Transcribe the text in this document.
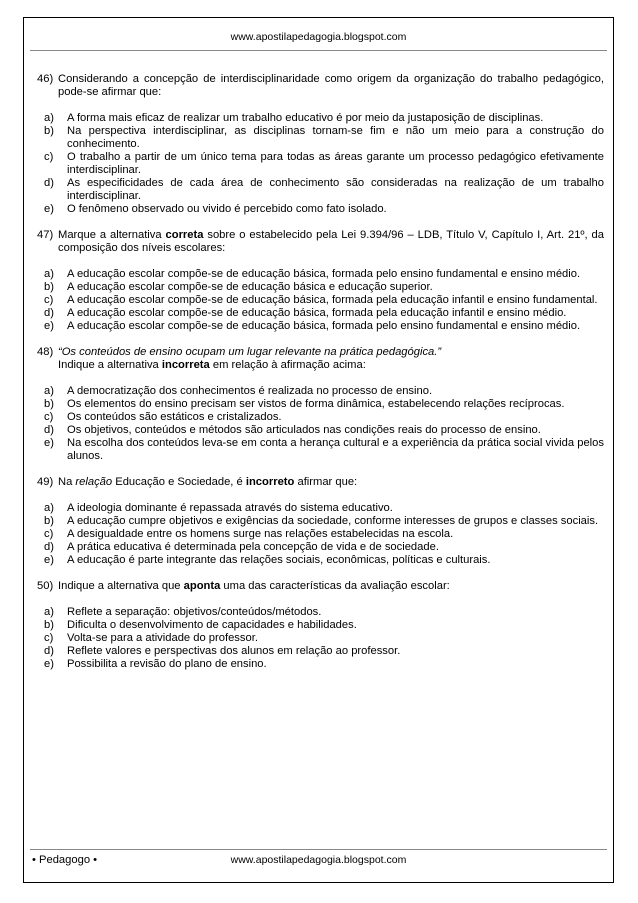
www.apostilapedagogia.blogspot.com
46) Considerando a concepção de interdisciplinaridade como origem da organização do trabalho pedagógico, pode-se afirmar que:
a)	A forma mais eficaz de realizar um trabalho educativo é por meio da justaposição de disciplinas.
b)	Na perspectiva interdisciplinar, as disciplinas tornam-se fim e não um meio para a construção do conhecimento.
c)	O trabalho a partir de um único tema para todas as áreas garante um processo pedagógico efetivamente interdisciplinar.
d)	As especificidades de cada área de conhecimento são consideradas na realização de um trabalho interdisciplinar.
e)	O fenômeno observado ou vivido é percebido como fato isolado.
47) Marque a alternativa correta sobre o estabelecido pela Lei 9.394/96 – LDB, Título V, Capítulo I, Art. 21º, da composição dos níveis escolares:
a)	A educação escolar compõe-se de educação básica, formada pelo ensino fundamental e ensino médio.
b)	A educação escolar compõe-se de educação básica e educação superior.
c)	A educação escolar compõe-se de educação básica, formada pela educação infantil e ensino fundamental.
d)	A educação escolar compõe-se de educação básica, formada pela educação infantil e ensino médio.
e)	A educação escolar compõe-se de educação básica, formada pelo ensino fundamental e ensino médio.
48) “Os conteúdos de ensino ocupam um lugar relevante na prática pedagógica.”
Indique a alternativa incorreta em relação à afirmação acima:
a)	A democratização dos conhecimentos é realizada no processo de ensino.
b)	Os elementos do ensino precisam ser vistos de forma dinâmica, estabelecendo relações recíprocas.
c)	Os conteúdos são estáticos e cristalizados.
d)	Os objetivos, conteúdos e métodos são articulados nas condições reais do processo de ensino.
e)	Na escolha dos conteúdos leva-se em conta a herança cultural e a experiência da prática social vivida pelos alunos.
49) Na relação Educação e Sociedade, é incorreto afirmar que:
a)	A ideologia dominante é repassada através do sistema educativo.
b)	A educação cumpre objetivos e exigências da sociedade, conforme interesses de grupos e classes sociais.
c)	A desigualdade entre os homens surge nas relações estabelecidas na escola.
d)	A prática educativa é determinada pela concepção de vida e de sociedade.
e)	A educação é parte integrante das relações sociais, econômicas, políticas e culturais.
50) Indique a alternativa que aponta uma das características da avaliação escolar:
a)	Reflete a separação: objetivos/conteúdos/métodos.
b)	Dificulta o desenvolvimento de capacidades e habilidades.
c)	Volta-se para a atividade do professor.
d)	Reflete valores e perspectivas dos alunos em relação ao professor.
e)	Possibilita a revisão do plano de ensino.
• Pedagogo •	www.apostilapedagogia.blogspot.com
